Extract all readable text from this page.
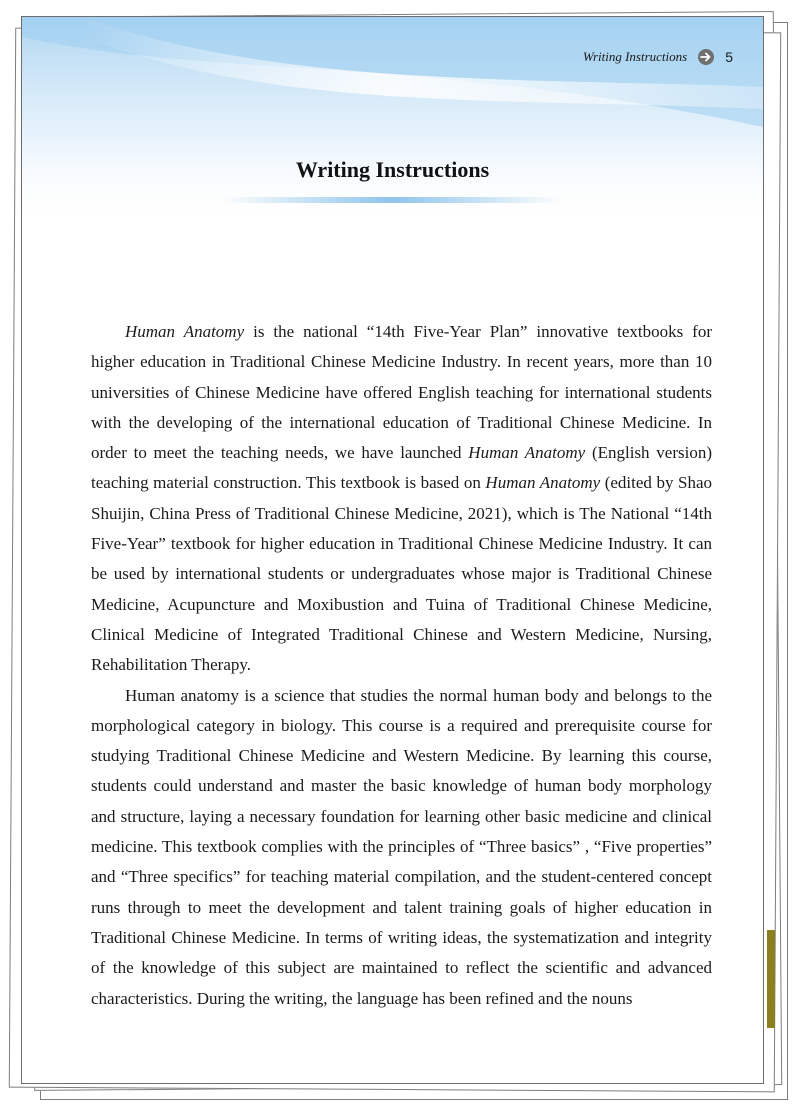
Writing Instructions	5
Writing Instructions

Human Anatomy is the national “14th Five-Year Plan” innovative textbooks for higher education in Traditional Chinese Medicine Industry. In recent years, more than 10 universities of Chinese Medicine have offered English teaching for international students with the developing of the international education of Traditional Chinese Medicine. In order to meet the teaching needs, we have launched Human Anatomy (English version) teaching material construction. This textbook is based on Human Anatomy (edited by Shao Shuijin, China Press of Traditional Chinese Medicine, 2021), which is The National “14th Five-Year” textbook for higher education in Traditional Chinese Medicine Industry. It can be used by international students or undergraduates whose major is Traditional Chinese Medicine, Acupuncture and Moxibustion and Tuina of Traditional Chinese Medicine, Clinical Medicine of Integrated Traditional Chinese and Western Medicine, Nursing, Rehabilitation Therapy.

Human anatomy is a science that studies the normal human body and belongs to the morphological category in biology. This course is a required and prerequisite course for studying Traditional Chinese Medicine and Western Medicine. By learning this course, students could understand and master the basic knowledge of human body morphology and structure, laying a necessary foundation for learning other basic medicine and clinical medicine. This textbook complies with the principles of “Three basics” , “Five properties” and “Three specifics” for teaching material compilation, and the student-centered concept runs through to meet the development and talent training goals of higher education in Traditional Chinese Medicine. In terms of writing ideas, the systematization and integrity of the knowledge of this subject are maintained to reflect the scientific and advanced characteristics. During the writing, the language has been refined and the nouns
